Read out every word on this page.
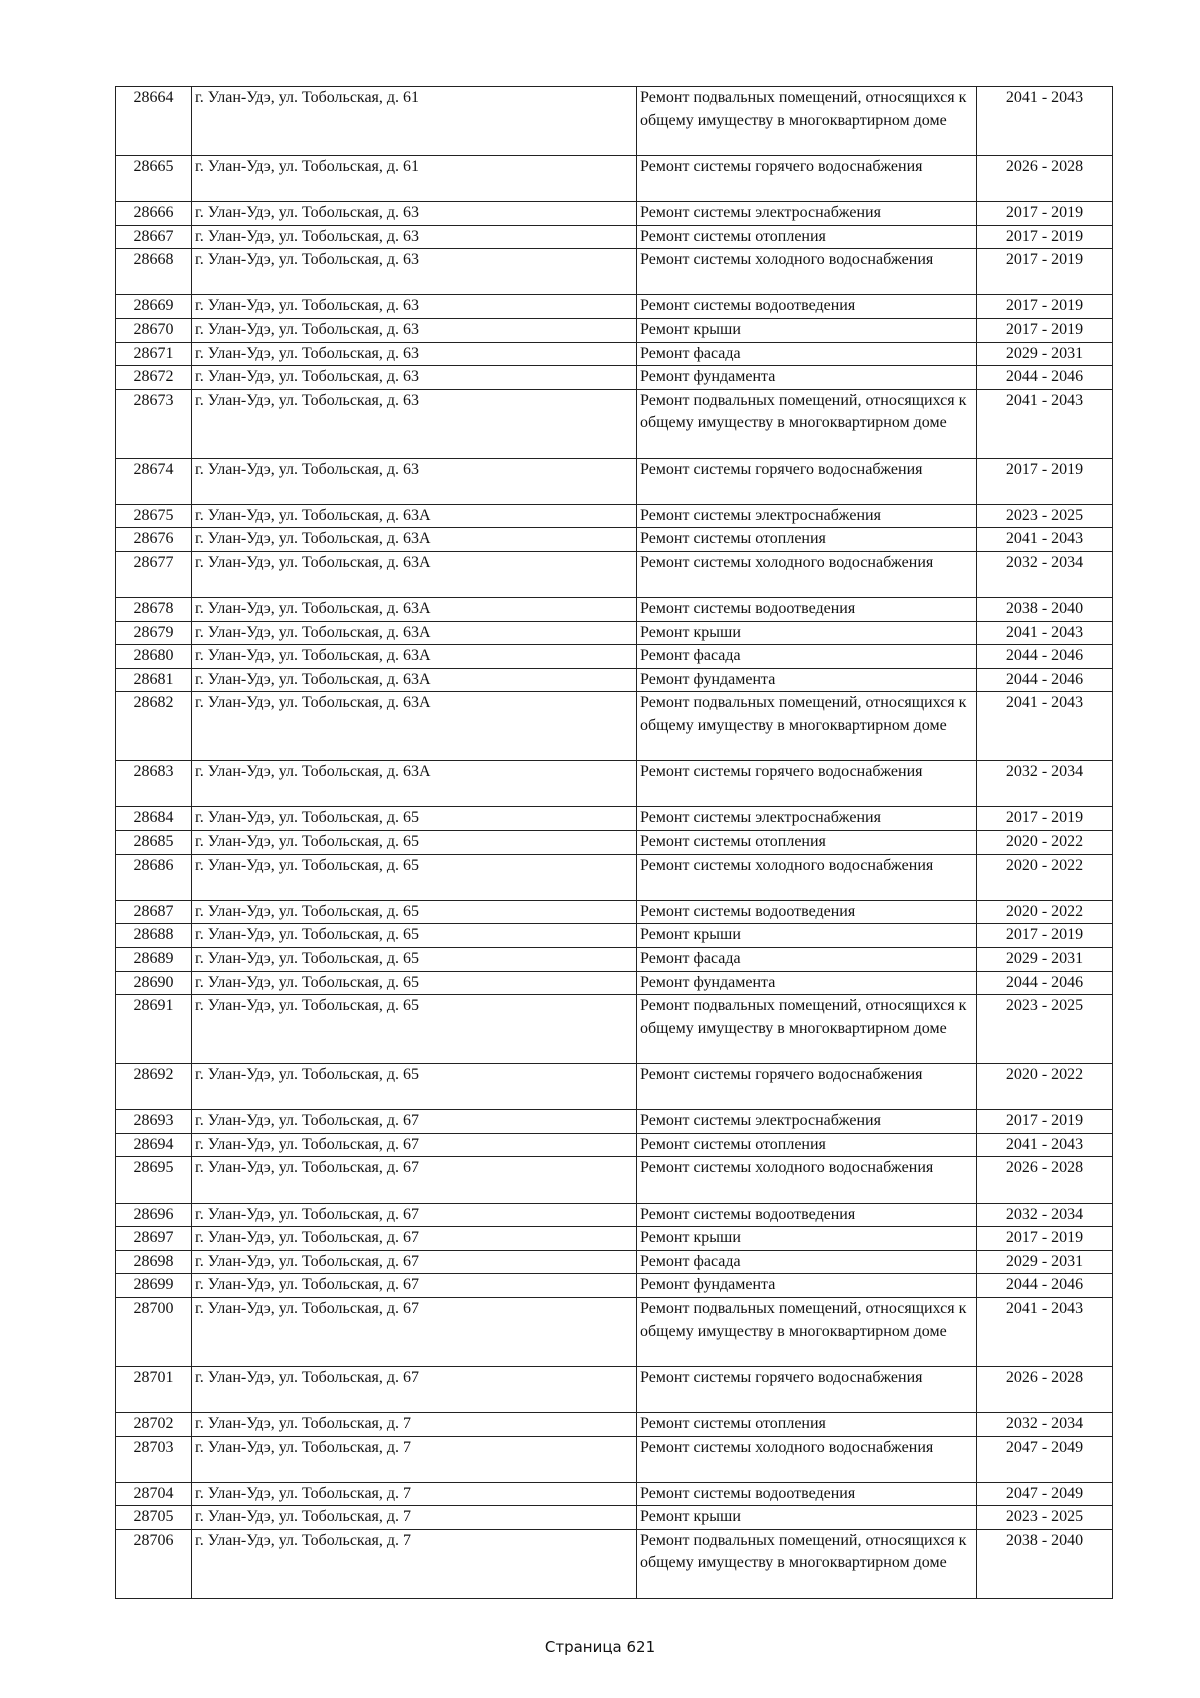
28664	г. Улан-Удэ, ул. Тобольская, д. 61	Ремонт подвальных помещений, относящихся к общему имуществу в многоквартирном доме	2041 - 2043
28665	г. Улан-Удэ, ул. Тобольская, д. 61	Ремонт системы горячего водоснабжения	2026 - 2028
28666	г. Улан-Удэ, ул. Тобольская, д. 63	Ремонт системы электроснабжения	2017 - 2019
28667	г. Улан-Удэ, ул. Тобольская, д. 63	Ремонт системы отопления	2017 - 2019
28668	г. Улан-Удэ, ул. Тобольская, д. 63	Ремонт системы холодного водоснабжения	2017 - 2019
28669	г. Улан-Удэ, ул. Тобольская, д. 63	Ремонт системы водоотведения	2017 - 2019
28670	г. Улан-Удэ, ул. Тобольская, д. 63	Ремонт крыши	2017 - 2019
28671	г. Улан-Удэ, ул. Тобольская, д. 63	Ремонт фасада	2029 - 2031
28672	г. Улан-Удэ, ул. Тобольская, д. 63	Ремонт фундамента	2044 - 2046
28673	г. Улан-Удэ, ул. Тобольская, д. 63	Ремонт подвальных помещений, относящихся к общему имуществу в многоквартирном доме	2041 - 2043
28674	г. Улан-Удэ, ул. Тобольская, д. 63	Ремонт системы горячего водоснабжения	2017 - 2019
28675	г. Улан-Удэ, ул. Тобольская, д. 63А	Ремонт системы электроснабжения	2023 - 2025
28676	г. Улан-Удэ, ул. Тобольская, д. 63А	Ремонт системы отопления	2041 - 2043
28677	г. Улан-Удэ, ул. Тобольская, д. 63А	Ремонт системы холодного водоснабжения	2032 - 2034
28678	г. Улан-Удэ, ул. Тобольская, д. 63А	Ремонт системы водоотведения	2038 - 2040
28679	г. Улан-Удэ, ул. Тобольская, д. 63А	Ремонт крыши	2041 - 2043
28680	г. Улан-Удэ, ул. Тобольская, д. 63А	Ремонт фасада	2044 - 2046
28681	г. Улан-Удэ, ул. Тобольская, д. 63А	Ремонт фундамента	2044 - 2046
28682	г. Улан-Удэ, ул. Тобольская, д. 63А	Ремонт подвальных помещений, относящихся к общему имуществу в многоквартирном доме	2041 - 2043
28683	г. Улан-Удэ, ул. Тобольская, д. 63А	Ремонт системы горячего водоснабжения	2032 - 2034
28684	г. Улан-Удэ, ул. Тобольская, д. 65	Ремонт системы электроснабжения	2017 - 2019
28685	г. Улан-Удэ, ул. Тобольская, д. 65	Ремонт системы отопления	2020 - 2022
28686	г. Улан-Удэ, ул. Тобольская, д. 65	Ремонт системы холодного водоснабжения	2020 - 2022
28687	г. Улан-Удэ, ул. Тобольская, д. 65	Ремонт системы водоотведения	2020 - 2022
28688	г. Улан-Удэ, ул. Тобольская, д. 65	Ремонт крыши	2017 - 2019
28689	г. Улан-Удэ, ул. Тобольская, д. 65	Ремонт фасада	2029 - 2031
28690	г. Улан-Удэ, ул. Тобольская, д. 65	Ремонт фундамента	2044 - 2046
28691	г. Улан-Удэ, ул. Тобольская, д. 65	Ремонт подвальных помещений, относящихся к общему имуществу в многоквартирном доме	2023 - 2025
28692	г. Улан-Удэ, ул. Тобольская, д. 65	Ремонт системы горячего водоснабжения	2020 - 2022
28693	г. Улан-Удэ, ул. Тобольская, д. 67	Ремонт системы электроснабжения	2017 - 2019
28694	г. Улан-Удэ, ул. Тобольская, д. 67	Ремонт системы отопления	2041 - 2043
28695	г. Улан-Удэ, ул. Тобольская, д. 67	Ремонт системы холодного водоснабжения	2026 - 2028
28696	г. Улан-Удэ, ул. Тобольская, д. 67	Ремонт системы водоотведения	2032 - 2034
28697	г. Улан-Удэ, ул. Тобольская, д. 67	Ремонт крыши	2017 - 2019
28698	г. Улан-Удэ, ул. Тобольская, д. 67	Ремонт фасада	2029 - 2031
28699	г. Улан-Удэ, ул. Тобольская, д. 67	Ремонт фундамента	2044 - 2046
28700	г. Улан-Удэ, ул. Тобольская, д. 67	Ремонт подвальных помещений, относящихся к общему имуществу в многоквартирном доме	2041 - 2043
28701	г. Улан-Удэ, ул. Тобольская, д. 67	Ремонт системы горячего водоснабжения	2026 - 2028
28702	г. Улан-Удэ, ул. Тобольская, д. 7	Ремонт системы отопления	2032 - 2034
28703	г. Улан-Удэ, ул. Тобольская, д. 7	Ремонт системы холодного водоснабжения	2047 - 2049
28704	г. Улан-Удэ, ул. Тобольская, д. 7	Ремонт системы водоотведения	2047 - 2049
28705	г. Улан-Удэ, ул. Тобольская, д. 7	Ремонт крыши	2023 - 2025
28706	г. Улан-Удэ, ул. Тобольская, д. 7	Ремонт подвальных помещений, относящихся к общему имуществу в многоквартирном доме	2038 - 2040
Страница 621
